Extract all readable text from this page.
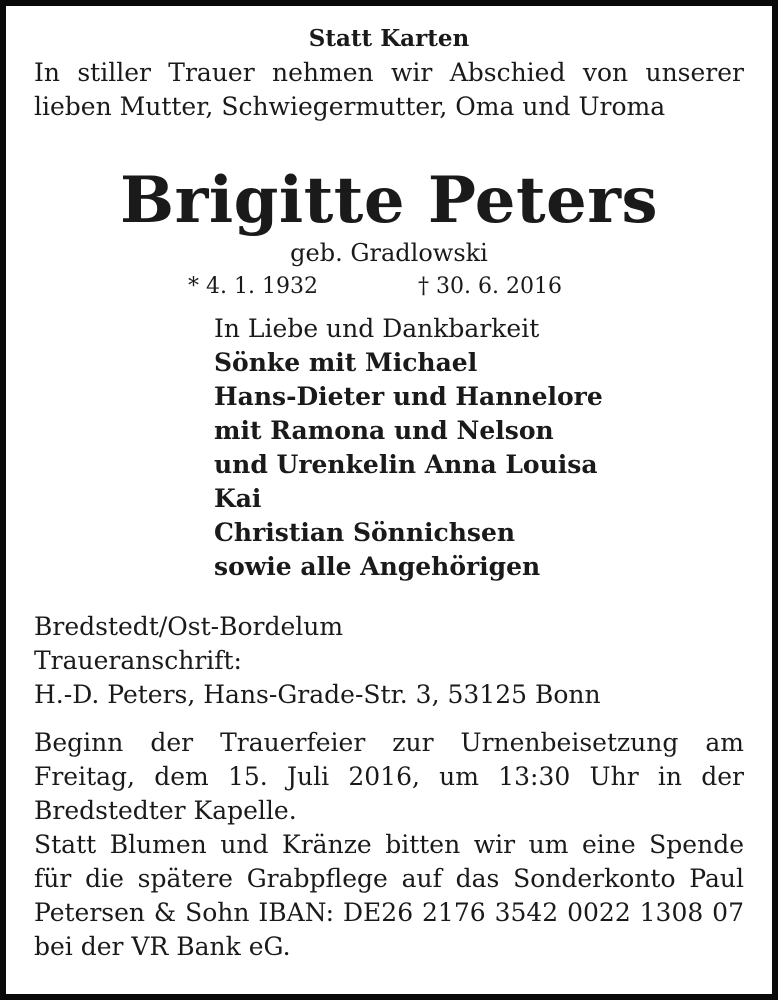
Statt Karten
In stiller Trauer nehmen wir Abschied von unserer
lieben Mutter, Schwiegermutter, Oma und Uroma
Brigitte Peters
geb. Gradlowski
* 4. 1. 1932	† 30. 6. 2016
In Liebe und Dankbarkeit
Sönke mit Michael
Hans-Dieter und Hannelore
mit Ramona und Nelson
und Urenkelin Anna Louisa
Kai
Christian Sönnichsen
sowie alle Angehörigen
Bredstedt/Ost-Bordelum
Traueranschrift:
H.-D. Peters, Hans-Grade-Str. 3, 53125 Bonn
Beginn der Trauerfeier zur Urnenbeisetzung am
Freitag, dem 15. Juli 2016, um 13:30 Uhr in der
Bredstedter Kapelle.
Statt Blumen und Kränze bitten wir um eine Spende
für die spätere Grabpflege auf das Sonderkonto Paul
Petersen & Sohn IBAN: DE26 2176 3542 0022 1308 07
bei der VR Bank eG.
